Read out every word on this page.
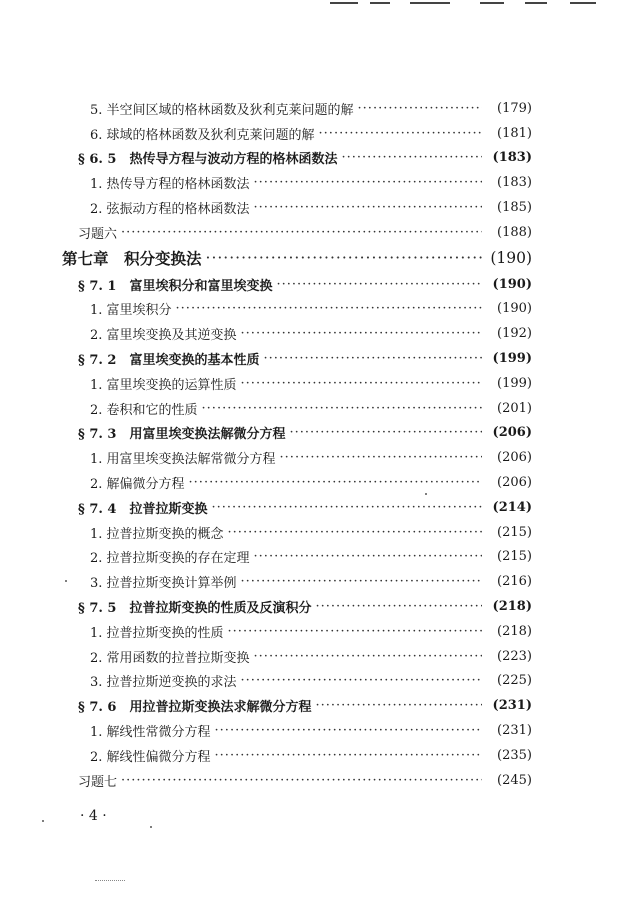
5. 半空间区域的格林函数及狄利克莱问题的解 ·····	(179)
6. 球域的格林函数及狄利克莱问题的解 ·····	(181)
§ 6. 5　热传导方程与波动方程的格林函数法 ·····	(183)
1. 热传导方程的格林函数法 ·····	(183)
2. 弦振动方程的格林函数法 ·····	(185)
习题六 ·····	(188)
第七章　积分变换法 ·····	(190)
§ 7. 1　富里埃积分和富里埃变换 ·····	(190)
1. 富里埃积分 ·····	(190)
2. 富里埃变换及其逆变换 ·····	(192)
§ 7. 2　富里埃变换的基本性质 ·····	(199)
1. 富里埃变换的运算性质 ·····	(199)
2. 卷积和它的性质 ·····	(201)
§ 7. 3　用富里埃变换法解微分方程 ·····	(206)
1. 用富里埃变换法解常微分方程 ·····	(206)
2. 解偏微分方程 ·····	(206)
§ 7. 4　拉普拉斯变换 ·····	(214)
1. 拉普拉斯变换的概念 ·····	(215)
2. 拉普拉斯变换的存在定理 ·····	(215)
3. 拉普拉斯变换计算举例 ·····	(216)
§ 7. 5　拉普拉斯变换的性质及反演积分 ·····	(218)
1. 拉普拉斯变换的性质 ·····	(218)
2. 常用函数的拉普拉斯变换 ·····	(223)
3. 拉普拉斯逆变换的求法 ·····	(225)
§ 7. 6　用拉普拉斯变换法求解微分方程 ·····	(231)
1. 解线性常微分方程 ·····	(231)
2. 解线性偏微分方程 ·····	(235)
习题七 ·····	(245)
· 4 ·
